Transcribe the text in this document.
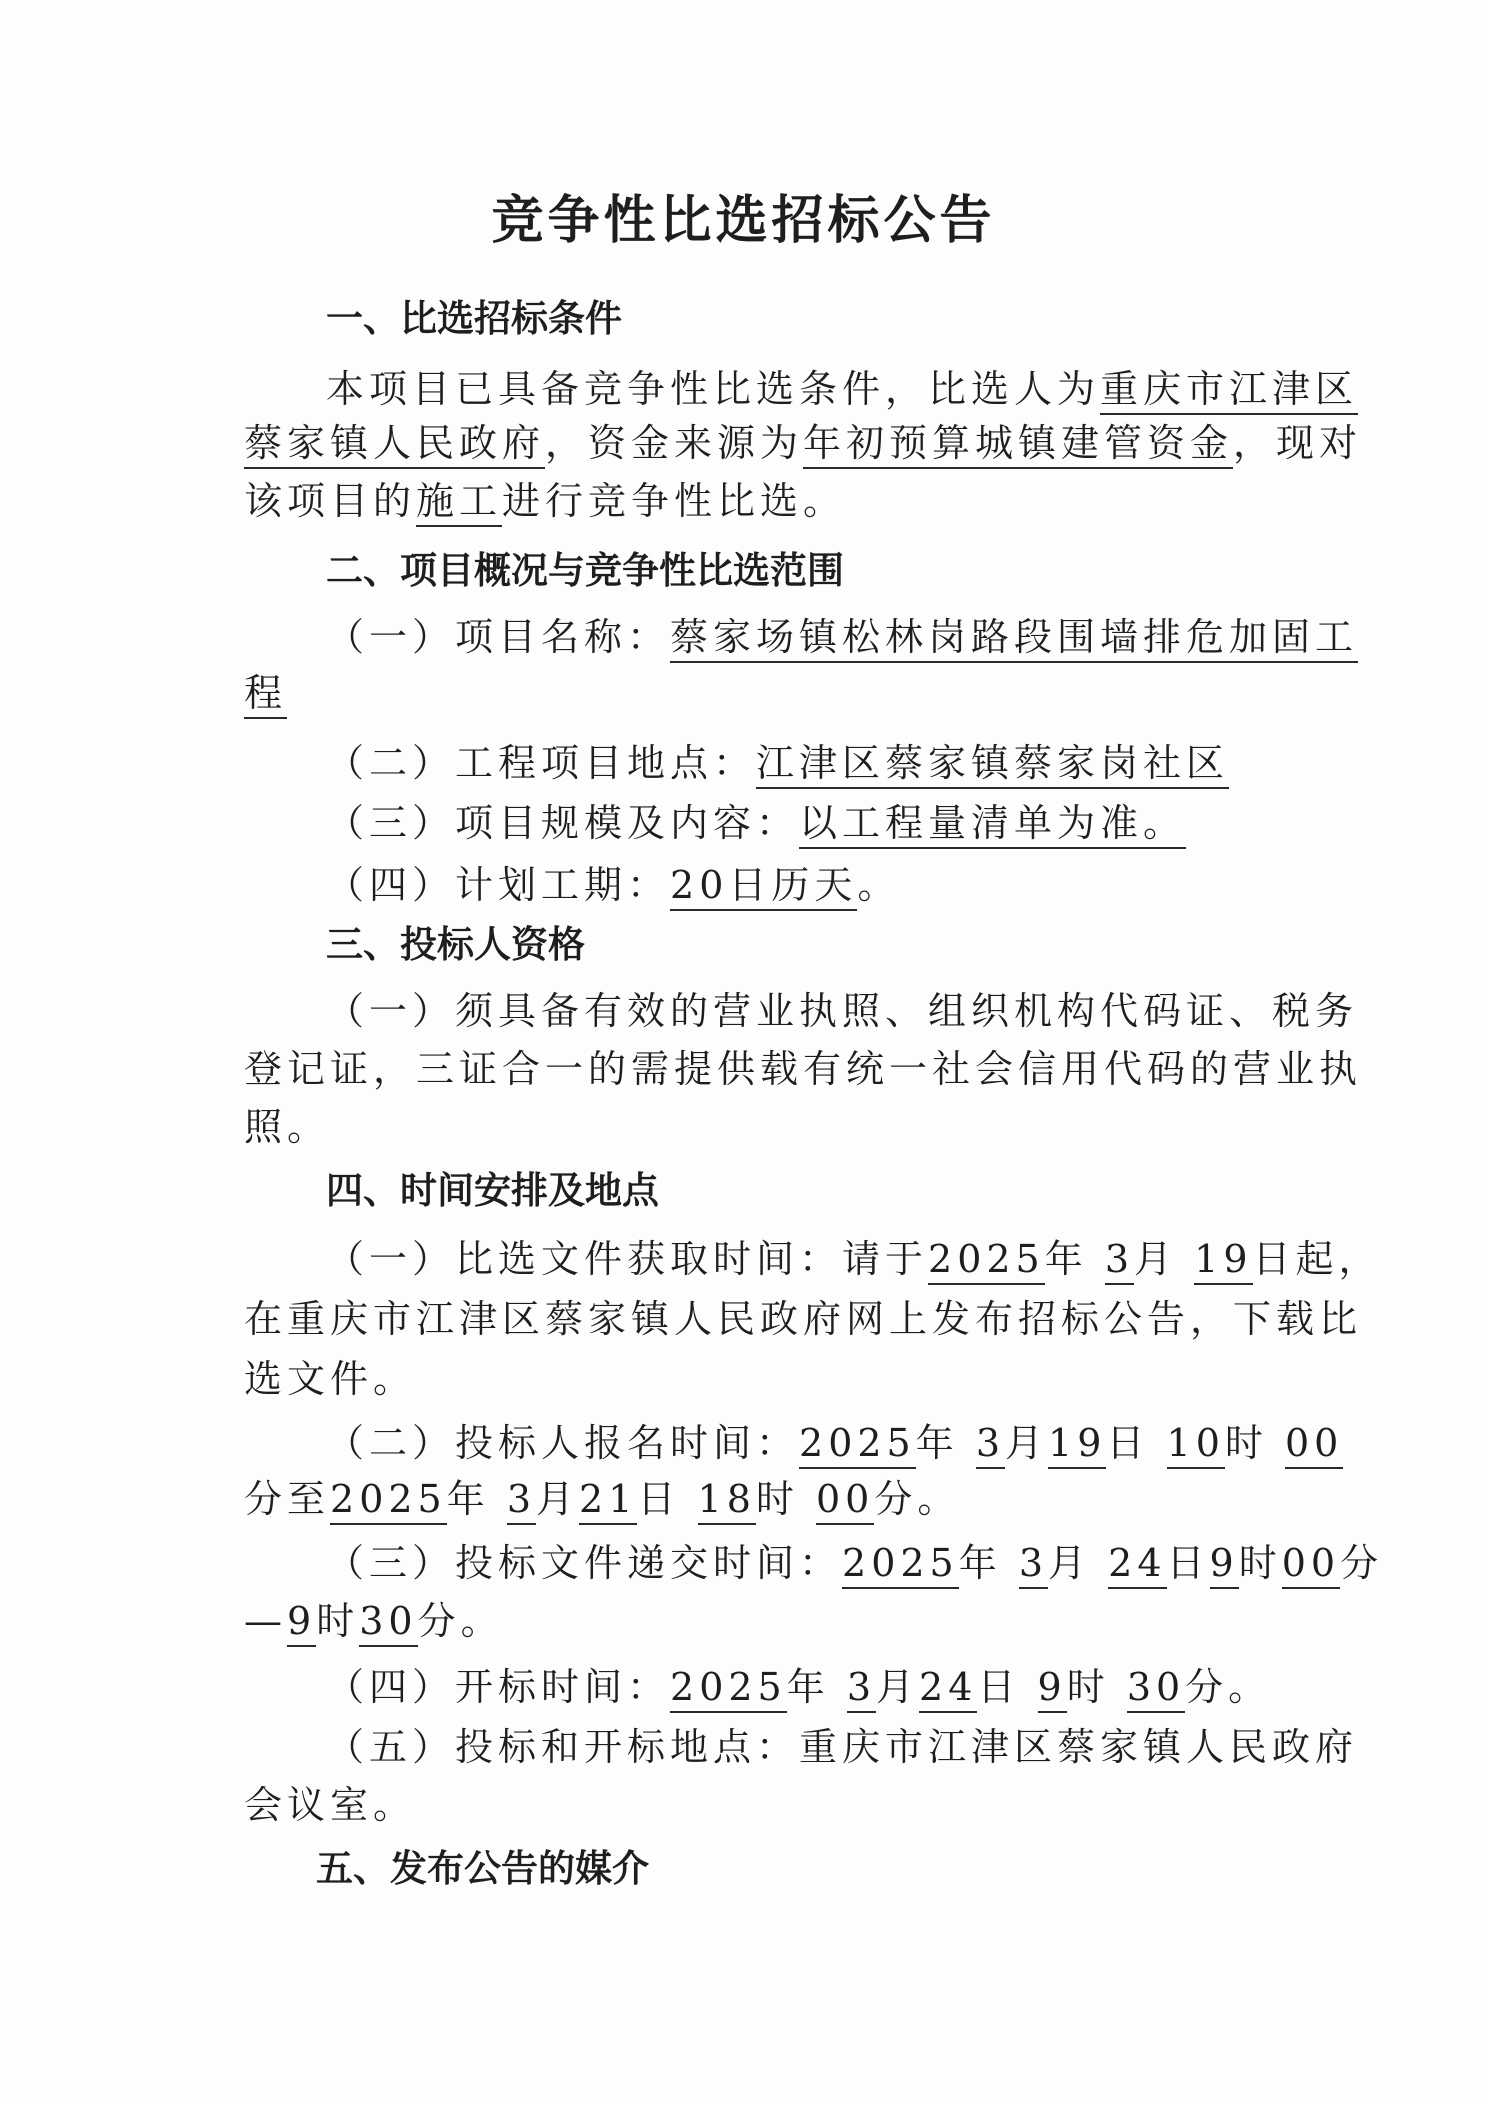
竞争性比选招标公告
一、比选招标条件
本项目已具备竞争性比选条件，比选人为重庆市江津区
蔡家镇人民政府，资金来源为年初预算城镇建管资金，现对
该项目的施工进行竞争性比选。
二、项目概况与竞争性比选范围
（一）项目名称：蔡家场镇松林岗路段围墙排危加固工
程
（二）工程项目地点：江津区蔡家镇蔡家岗社区
（三）项目规模及内容：以工程量清单为准。
（四）计划工期：20日历天。
三、投标人资格
（一）须具备有效的营业执照、组织机构代码证、税务
登记证，三证合一的需提供载有统一社会信用代码的营业执
照。
四、时间安排及地点
（一）比选文件获取时间：请于2025年 3月 19日起，
在重庆市江津区蔡家镇人民政府网上发布招标公告，下载比
选文件。
（二）投标人报名时间：2025年 3月19日 10时 00
分至2025年 3月21日 18时 00分。
（三）投标文件递交时间：2025年 3月 24日9时00分
—9时30分。
（四）开标时间：2025年 3月24日 9时 30分。
（五）投标和开标地点：重庆市江津区蔡家镇人民政府
会议室。
五、发布公告的媒介
